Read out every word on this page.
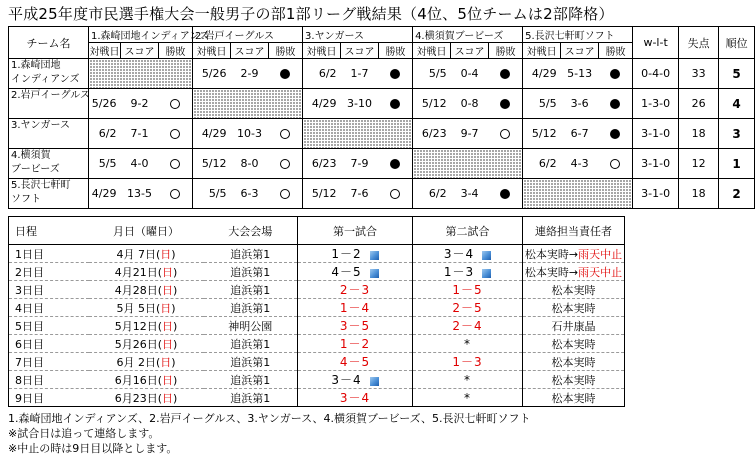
平成25年度市民選手権大会一般男子の部1部リーグ戦結果（4位、5位チームは2部降格）
チーム名	1.森崎団地インディアンズ			2.岩戸イーグルス			3.ヤンガース			4.横須賀ブービーズ			5.長沢七軒町ソフト			w-l-t	失点	順位
	対戦日	スコア	勝敗	対戦日	スコア	勝敗	対戦日	スコア	勝敗	対戦日	スコア	勝敗	対戦日	スコア	勝敗			

1.森崎団地
インディアンズ				5/26	2-9		6/2	1-7		5/5	0-4		4/29	5-13		0-4-0	33	5

2.岩戸イーグルス	5/26	9-2					4/29	3-10		5/12	0-8		5/5	3-6		1-3-0	26	4

3.ヤンガース	6/2	7-1		4/29	10-3					6/23	9-7		5/12	6-7		3-1-0	18	3

4.横須賀
ブービーズ	5/5	4-0		5/12	8-0		6/23	7-9					6/2	4-3		3-1-0	12	1

5.長沢七軒町
ソフト	4/29	13-5		5/5	6-3		5/12	7-6		6/2	3-4					3-1-0	18	2
日程	月日（曜日）	大会会場	第一試合	第二試合	連絡担当責任者
1日目	4月 7日(日)	追浜第1	1－2	3－4	松本実時→雨天中止
2日目	4月21日(日)	追浜第1	4－5	1－3	松本実時→雨天中止
3日目	4月28日(日)	追浜第1	2－3	1－5	松本実時
4日目	5月 5日(日)	追浜第1	1－4	2－5	松本実時
5日目	5月12日(日)	神明公園	3－5	2－4	石井康晶
6日目	5月26日(日)	追浜第1	1－2	*	松本実時
7日目	6月 2日(日)	追浜第1	4－5	1－3	松本実時
8日目	6月16日(日)	追浜第1	3－4	*	松本実時
9日目	6月23日(日)	追浜第1	3－4	*	松本実時
1.森崎団地インディアンズ、2.岩戸イーグルス、3.ヤンガース、4.横須賀ブービーズ、5.長沢七軒町ソフト
※試合日は追って連絡します。
※中止の時は9日目以降とします。
